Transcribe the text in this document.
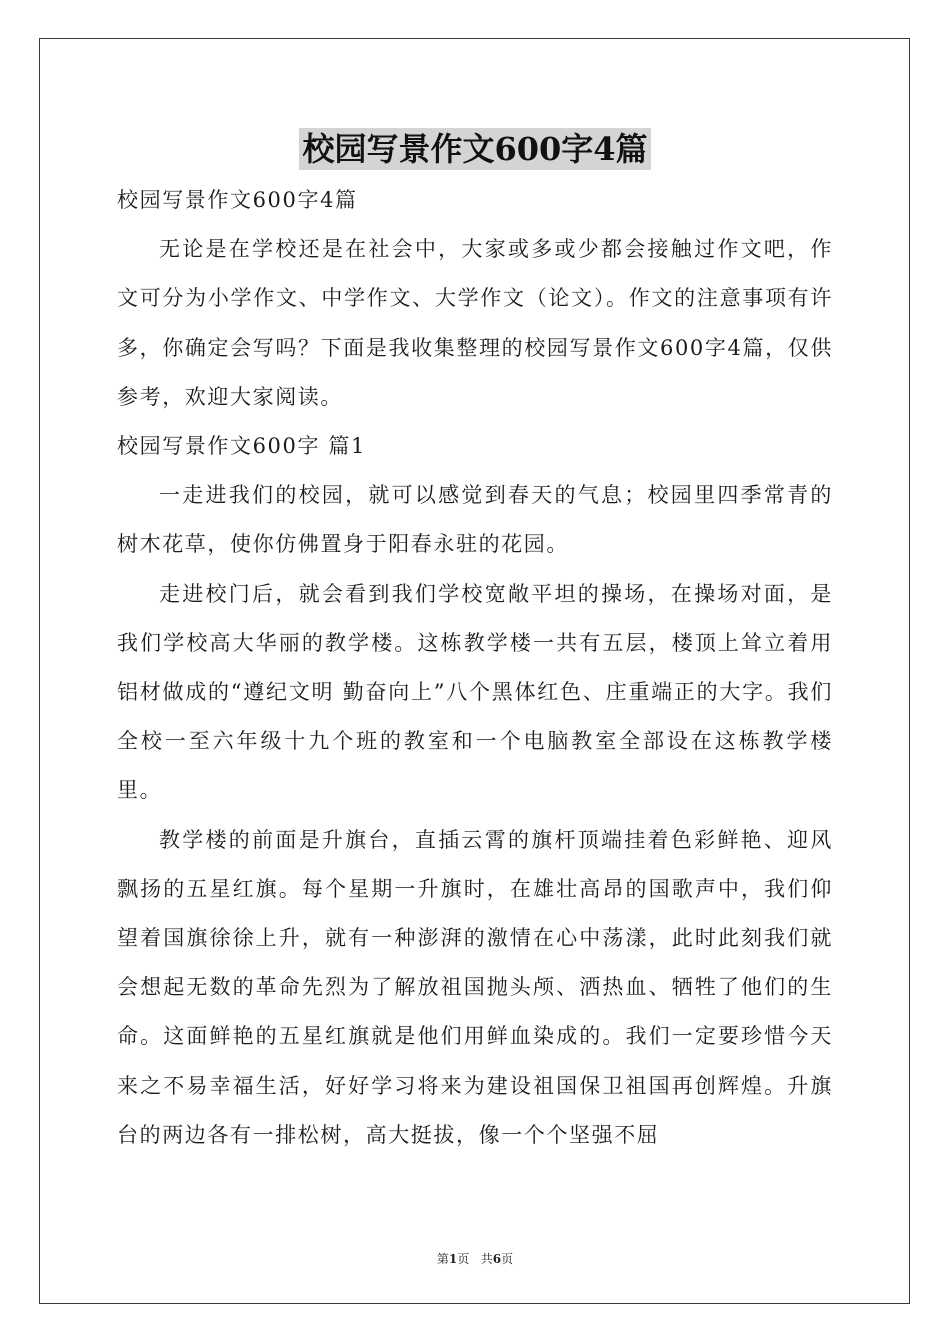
校园写景作文600字4篇

校园写景作文600字4篇

无论是在学校还是在社会中，大家或多或少都会接触过作文吧，作文可分为小学作文、中学作文、大学作文（论文）。作文的注意事项有许多，你确定会写吗？下面是我收集整理的校园写景作文600字4篇，仅供参考，欢迎大家阅读。

校园写景作文600字 篇1

一走进我们的校园，就可以感觉到春天的气息；校园里四季常青的树木花草，使你仿佛置身于阳春永驻的花园。

走进校门后，就会看到我们学校宽敞平坦的操场，在操场对面，是我们学校高大华丽的教学楼。这栋教学楼一共有五层，楼顶上耸立着用铝材做成的“遵纪文明 勤奋向上”八个黑体红色、庄重端正的大字。我们全校一至六年级十九个班的教室和一个电脑教室全部设在这栋教学楼里。

教学楼的前面是升旗台，直插云霄的旗杆顶端挂着色彩鲜艳、迎风飘扬的五星红旗。每个星期一升旗时，在雄壮高昂的国歌声中，我们仰望着国旗徐徐上升，就有一种澎湃的激情在心中荡漾，此时此刻我们就会想起无数的革命先烈为了解放祖国抛头颅、洒热血、牺牲了他们的生命。这面鲜艳的五星红旗就是他们用鲜血染成的。我们一定要珍惜今天来之不易幸福生活，好好学习将来为建设祖国保卫祖国再创辉煌。升旗台的两边各有一排松树，高大挺拔，像一个个坚强不屈

第1页 共6页
